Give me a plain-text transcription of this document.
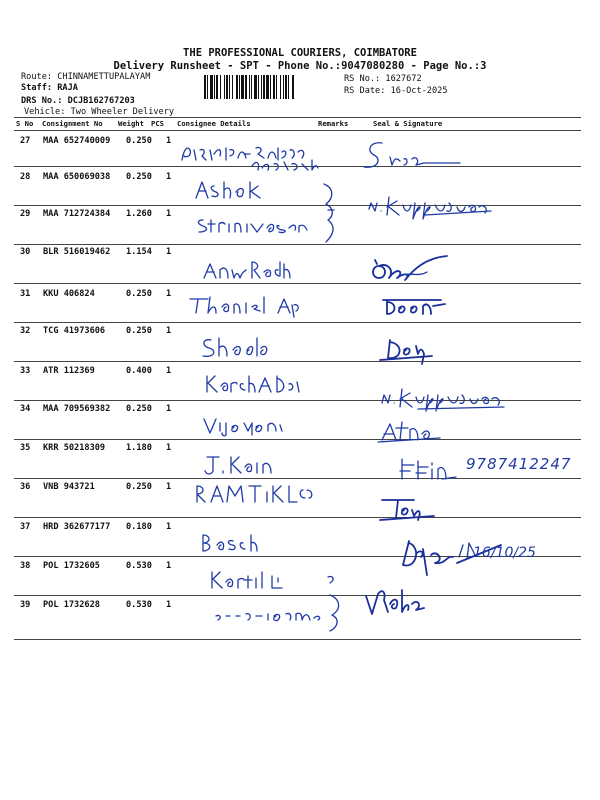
THE PROFESSIONAL COURIERS, COIMBATORE
Delivery Runsheet - SPT - Phone No.:9047080280 - Page No.:3
Route: CHINNAMETTUPALAYAM
Staff: RAJA
DRS No.: DCJB162767203
Vehicle: Two Wheeler Delivery
RS No.: 1627672
RS Date: 16-Oct-2025
S No Consignment No Weight PCS Consignee Details	Remarks	Seal & Signature
27 MAA 652740009 0.250 1
28 MAA 650069038 0.250 1
29 MAA 712724384 1.260 1
30 BLR 516019462 1.154 1
31 KKU 406824	0.250 1
32 TCG 41973606 0.250 1
33 ATR 112369	0.400 1
34 MAA 709569382 0.250 1
35 KRR 50218309 1.180 1
36 VNB 943721	0.250 1
37 HRD 362677177 0.180 1
38 POL 1732605	0.530 1
39 POL 1732628	0.530 1
9787412247
16/10/25
